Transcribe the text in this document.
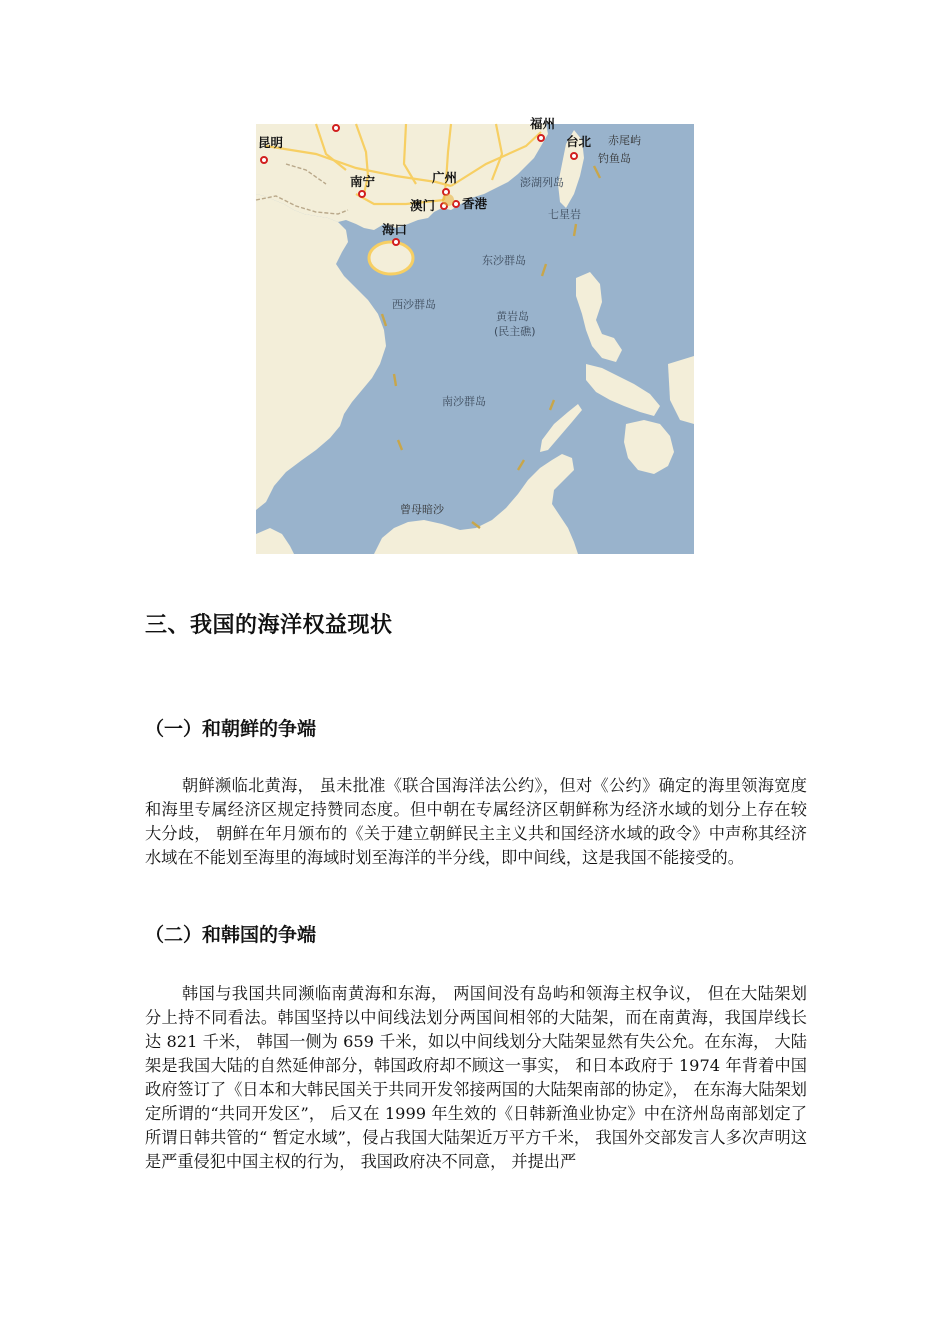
昆明
福州
台北 赤尾屿
钓鱼岛
南宁	广州
澳门 香港
澎湖列岛
七星岩
海口
东沙群岛
西沙群岛
黄岩岛
(民主礁)
南沙群岛
曾母暗沙
三、我国的海洋权益现状
（一）和朝鲜的争端

朝鲜濒临北黄海， 虽未批准《联合国海洋法公约》，但对《公约》确定的海里领海宽度和海里专属经济区规定持赞同态度。但中朝在专属经济区朝鲜称为经济水域的划分上存在较大分歧， 朝鲜在年月颁布的《关于建立朝鲜民主主义共和国经济水域的政令》中声称其经济水域在不能划至海里的海域时划至海洋的半分线，即中间线，这是我国不能接受的。

（二）和韩国的争端

韩国与我国共同濒临南黄海和东海， 两国间没有岛屿和领海主权争议， 但在大陆架划分上持不同看法。韩国坚持以中间线法划分两国间相邻的大陆架，而在南黄海，我国岸线长达 821 千米， 韩国一侧为 659 千米，如以中间线划分大陆架显然有失公允。在东海， 大陆架是我国大陆的自然延伸部分，韩国政府却不顾这一事实， 和日本政府于 1974 年背着中国政府签订了《日本和大韩民国关于共同开发邻接两国的大陆架南部的协定》， 在东海大陆架划定所谓的“共同开发区”， 后又在 1999 年生效的《日韩新渔业协定》中在济州岛南部划定了所谓日韩共管的“ 暂定水域”，侵占我国大陆架近万平方千米， 我国外交部发言人多次声明这是严重侵犯中国主权的行为， 我国政府决不同意， 并提出严
